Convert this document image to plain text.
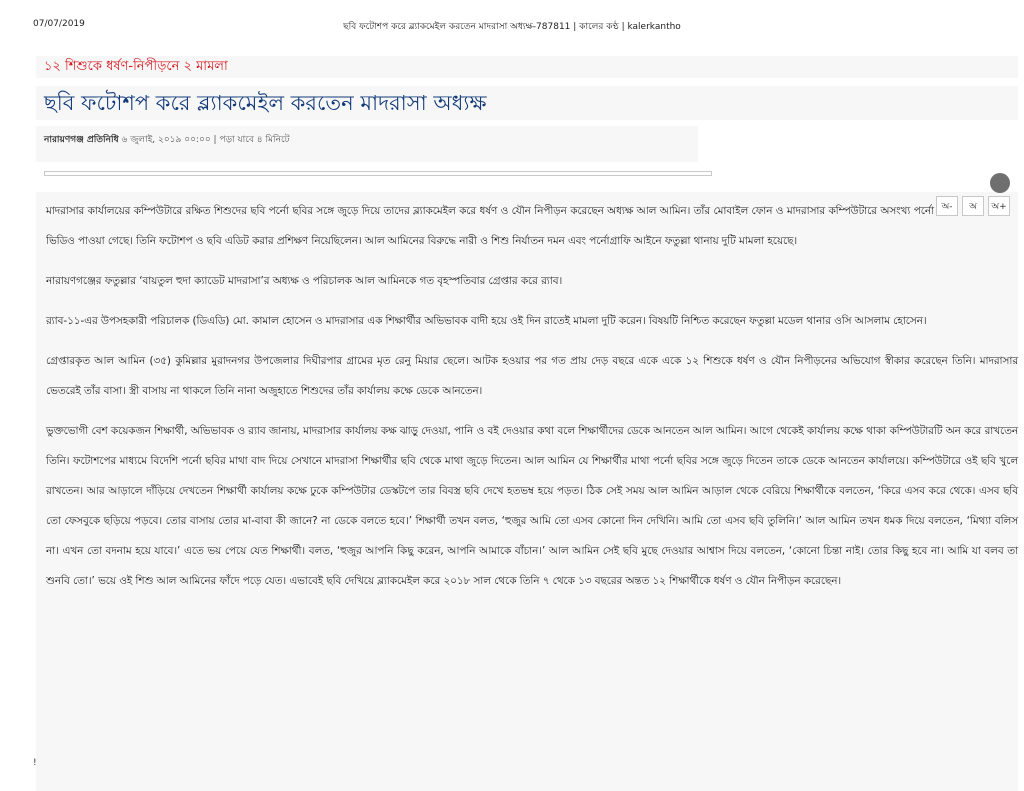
07/07/2019	ছবি ফটোশপ করে ব্ল্যাকমেইল করতেন মাদরাসা অধ্যক্ষ-787811 | কালের কণ্ঠ | kalerkantho
১২ শিশুকে ধর্ষণ-নিপীড়নে ২ মামলা
ছবি ফটোশপ করে ব্ল্যাকমেইল করতেন মাদরাসা অধ্যক্ষ
নারায়ণগঞ্জ প্রতিনিধি ৬ জুলাই, ২০১৯ ০০:০০ | পড়া যাবে ৪ মিনিটে

মাদরাসার কার্যালয়ের কম্পিউটারে রক্ষিত শিশুদের ছবি পর্নো ছবির সঙ্গে জুড়ে দিয়ে তাদের ব্ল্যাকমেইল করে ধর্ষণ ও যৌন নিপীড়ন করেছেন অধ্যক্ষ আল আমিন। তাঁর মোবাইল ফোন ও মাদরাসার কম্পিউটারে অসংখ্য পর্নো ভিডিও পাওয়া গেছে। তিনি ফটোশপ ও ছবি এডিট করার প্রশিক্ষণ নিয়েছিলেন। আল আমিনের বিরুদ্ধে নারী ও শিশু নির্যাতন দমন এবং পর্নোগ্রাফি আইনে ফতুল্লা থানায় দুটি মামলা হয়েছে।

নারায়ণগঞ্জের ফতুল্লার ‘বায়তুল হুদা ক্যাডেট মাদরাসা’র অধ্যক্ষ ও পরিচালক আল আমিনকে গত বৃহস্পতিবার গ্রেপ্তার করে র‍্যাব।

র‍্যাব-১১-এর উপসহকারী পরিচালক (ডিএডি) মো. কামাল হোসেন ও মাদরাসার এক শিক্ষার্থীর অভিভাবক বাদী হয়ে ওই দিন রাতেই মামলা দুটি করেন। বিষয়টি নিশ্চিত করেছেন ফতুল্লা মডেল থানার ওসি আসলাম হোসেন।

গ্রেপ্তারকৃত আল আমিন (৩৫) কুমিল্লার মুরাদনগর উপজেলার দিঘীরপার গ্রামের মৃত রেনু মিয়ার ছেলে। আটক হওয়ার পর গত প্রায় দেড় বছরে একে একে ১২ শিশুকে ধর্ষণ ও যৌন নিপীড়নের অভিযোগ স্বীকার করেছেন তিনি। মাদরাসার ভেতরেই তাঁর বাসা। স্ত্রী বাসায় না থাকলে তিনি নানা অজুহাতে শিশুদের তাঁর কার্যালয় কক্ষে ডেকে আনতেন।

ভুক্তভোগী বেশ কয়েকজন শিক্ষার্থী, অভিভাবক ও র‍্যাব জানায়, মাদরাসার কার্যালয় কক্ষ ঝাড়ু দেওয়া, পানি ও বই দেওয়ার কথা বলে শিক্ষার্থীদের ডেকে আনতেন আল আমিন। আগে থেকেই কার্যালয় কক্ষে থাকা কম্পিউটারটি অন করে রাখতেন তিনি। ফটোশপের মাধ্যমে বিদেশি পর্নো ছবির মাথা বাদ দিয়ে সেখানে মাদরাসা শিক্ষার্থীর ছবি থেকে মাথা জুড়ে দিতেন। আল আমিন যে শিক্ষার্থীর মাথা পর্নো ছবির সঙ্গে জুড়ে দিতেন তাকে ডেকে আনতেন কার্যালয়ে। কম্পিউটারে ওই ছবি খুলে রাখতেন। আর আড়ালে দাঁড়িয়ে দেখতেন শিক্ষার্থী কার্যালয় কক্ষে ঢুকে কম্পিউটার ডেস্কটপে তার বিবস্ত্র ছবি দেখে হতভম্ব হয়ে পড়ত। ঠিক সেই সময় আল আমিন আড়াল থেকে বেরিয়ে শিক্ষার্থীকে বলতেন, ‘কিরে এসব করে থেকে। এসব ছবি তো ফেসবুকে ছড়িয়ে পড়বে। তোর বাসায় তোর মা-বাবা কী জানে? না ডেকে বলতে হবে।’ শিক্ষার্থী তখন বলত, ‘হুজুর আমি তো এসব কোনো দিন দেখিনি। আমি তো এসব ছবি তুলিনি।’ আল আমিন তখন ধমক দিয়ে বলতেন, ‘মিথ্যা বলিস না। এখন তো বদনাম হয়ে যাবে।’ এতে ভয় পেয়ে যেত শিক্ষার্থী। বলত, ‘হুজুর আপনি কিছু করেন, আপনি আমাকে বাঁচান।’ আল আমিন সেই ছবি মুছে দেওয়ার আশ্বাস দিয়ে বলতেন, ‘কোনো চিন্তা নাই। তোর কিছু হবে না। আমি যা বলব তা শুনবি তো।’ ভয়ে ওই শিশু আল আমিনের ফাঁদে পড়ে যেত। এভাবেই ছবি দেখিয়ে ব্ল্যাকমেইল করে ২০১৮ সাল থেকে তিনি ৭ থেকে ১৩ বছরের অন্তত ১২ শিক্ষার্থীকে ধর্ষণ ও যৌন নিপীড়ন করেছেন।

অ-	অ	অ+
!
